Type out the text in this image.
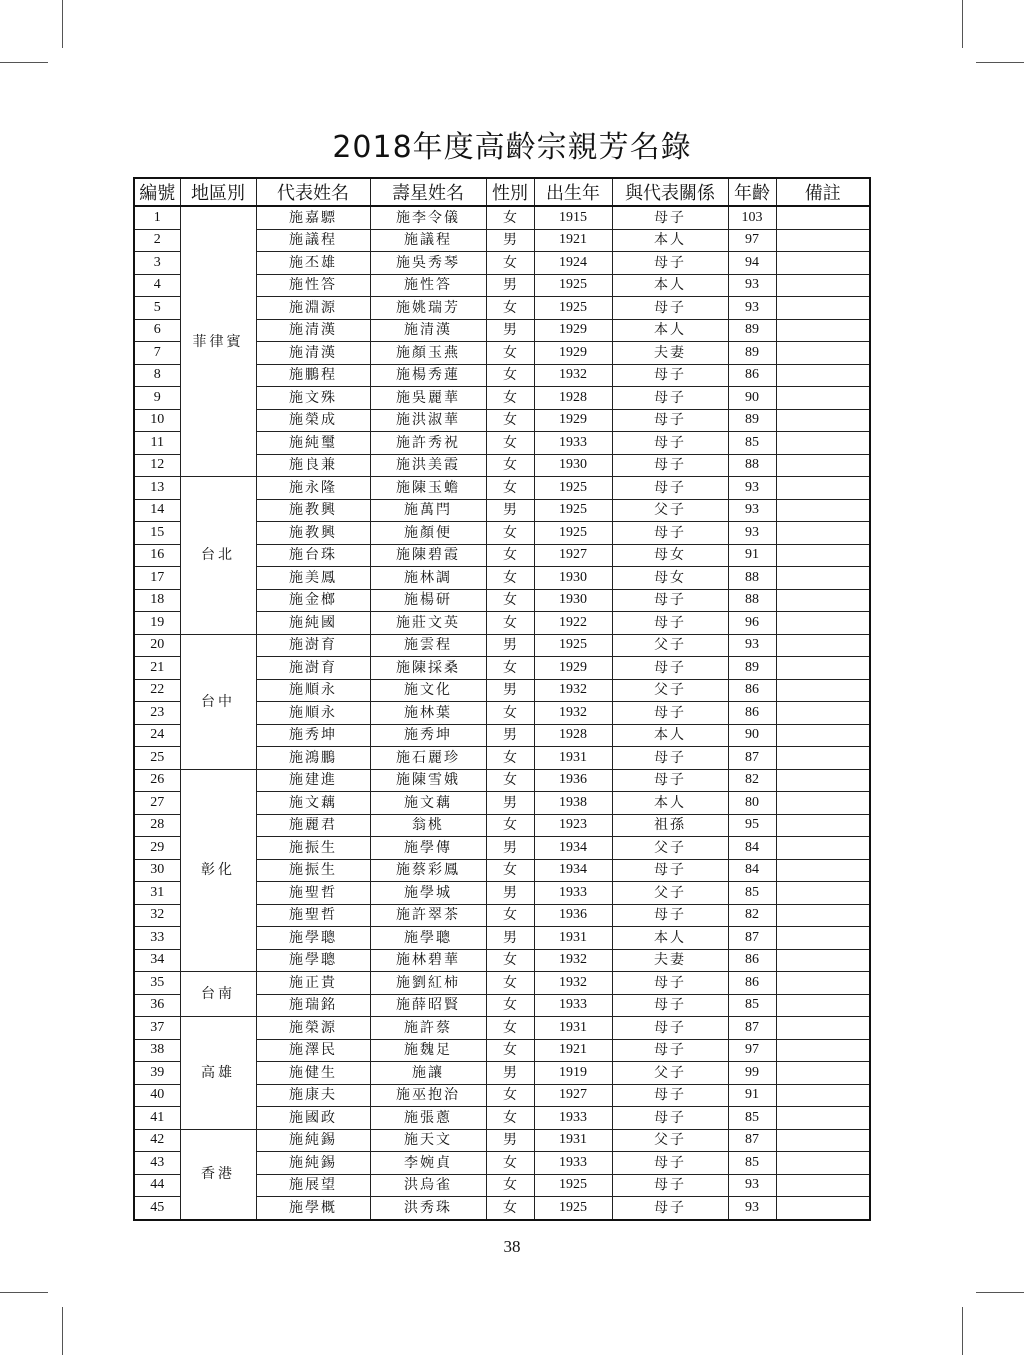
2018年度高齡宗親芳名錄
編號	地區別	代表姓名	壽星姓名	性別	出生年	與代表關係	年齡	備註
1	菲律賓	施嘉驃	施李令儀	女	1915	母子	103	
2		施議程	施議程	男	1921	本人	97	
3		施丕雄	施吳秀琴	女	1924	母子	94	
4		施性答	施性答	男	1925	本人	93	
5		施淵源	施姚瑞芳	女	1925	母子	93	
6		施清漢	施清漢	男	1929	本人	89	
7		施清漢	施顏玉燕	女	1929	夫妻	89	
8		施鵬程	施楊秀蓮	女	1932	母子	86	
9		施文殊	施吳麗華	女	1928	母子	90	
10		施榮成	施洪淑華	女	1929	母子	89	
11		施純璽	施許秀祝	女	1933	母子	85	
12		施良兼	施洪美霞	女	1930	母子	88	
13	台北	施永隆	施陳玉蟾	女	1925	母子	93	
14		施教興	施萬閂	男	1925	父子	93	
15		施教興	施顏便	女	1925	母子	93	
16		施台珠	施陳碧霞	女	1927	母女	91	
17		施美鳳	施林調	女	1930	母女	88	
18		施金榔	施楊研	女	1930	母子	88	
19		施純國	施莊文英	女	1922	母子	96	
20	台中	施澍育	施雲程	男	1925	父子	93	
21		施澍育	施陳採桑	女	1929	母子	89	
22		施順永	施文化	男	1932	父子	86	
23		施順永	施林葉	女	1932	母子	86	
24		施秀坤	施秀坤	男	1928	本人	90	
25		施鴻鵬	施石麗珍	女	1931	母子	87	
26	彰化	施建進	施陳雪娥	女	1936	母子	82	
27		施文藕	施文藕	男	1938	本人	80	
28		施麗君	翁桃	女	1923	祖孫	95	
29		施振生	施學傳	男	1934	父子	84	
30		施振生	施蔡彩鳳	女	1934	母子	84	
31		施聖哲	施學城	男	1933	父子	85	
32		施聖哲	施許翠茶	女	1936	母子	82	
33		施學聰	施學聰	男	1931	本人	87	
34		施學聰	施林碧華	女	1932	夫妻	86	
35	台南	施正貴	施劉紅柿	女	1932	母子	86	
36		施瑞銘	施薛昭賢	女	1933	母子	85	
37	高雄	施榮源	施許蔡	女	1931	母子	87	
38		施澤民	施魏足	女	1921	母子	97	
39		施健生	施讓	男	1919	父子	99	
40		施康夫	施巫抱治	女	1927	母子	91	
41		施國政	施張蔥	女	1933	母子	85	
42	香港	施純錫	施天文	男	1931	父子	87	
43		施純錫	李婉貞	女	1933	母子	85	
44		施展望	洪烏雀	女	1925	母子	93	
45		施學概	洪秀珠	女	1925	母子	93	
38
